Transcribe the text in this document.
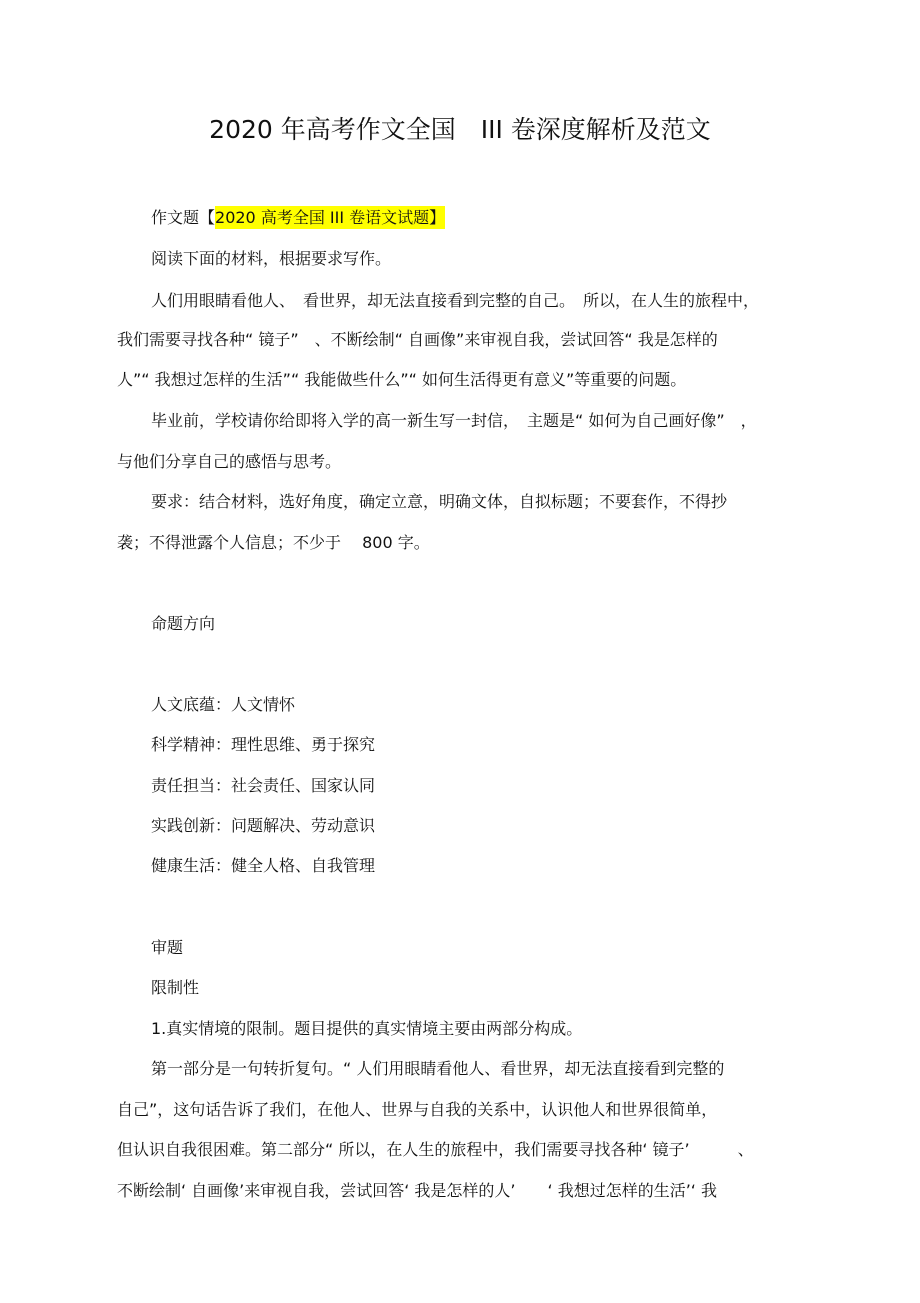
2020 年高考作文全国　III 卷深度解析及范文
作文题【2020 高考全国 III 卷语文试题】
阅读下面的材料，根据要求写作。
人们用眼睛看他人、　看世界，却无法直接看到完整的自己。　所以，在人生的旅程中，
我们需要寻找各种“ 镜子”　、不断绘制“ 自画像”来审视自我，尝试回答“ 我是怎样的
人”“ 我想过怎样的生活”“ 我能做些什么”“ 如何生活得更有意义”等重要的问题。
毕业前，学校请你给即将入学的高一新生写一封信，　主题是“ 如何为自己画好像”　，
与他们分享自己的感悟与思考。
要求：结合材料，选好角度，确定立意，明确文体，自拟标题；不要套作，不得抄
袭；不得泄露个人信息；不少于　 800 字。
命题方向
人文底蕴：人文情怀
科学精神：理性思维、勇于探究
责任担当：社会责任、国家认同
实践创新：问题解决、劳动意识
健康生活：健全人格、自我管理
审题
限制性
1.真实情境的限制。题目提供的真实情境主要由两部分构成。
第一部分是一句转折复句。“ 人们用眼睛看他人、看世界，却无法直接看到完整的
自己”，这句话告诉了我们，在他人、世界与自我的关系中，认识他人和世界很简单，
但认识自我很困难。第二部分“ 所以，在人生的旅程中，我们需要寻找各种‘ 镜子’　　　、
不断绘制‘ 自画像’来审视自我，尝试回答‘ 我是怎样的人’　　‘ 我想过怎样的生活’‘ 我
